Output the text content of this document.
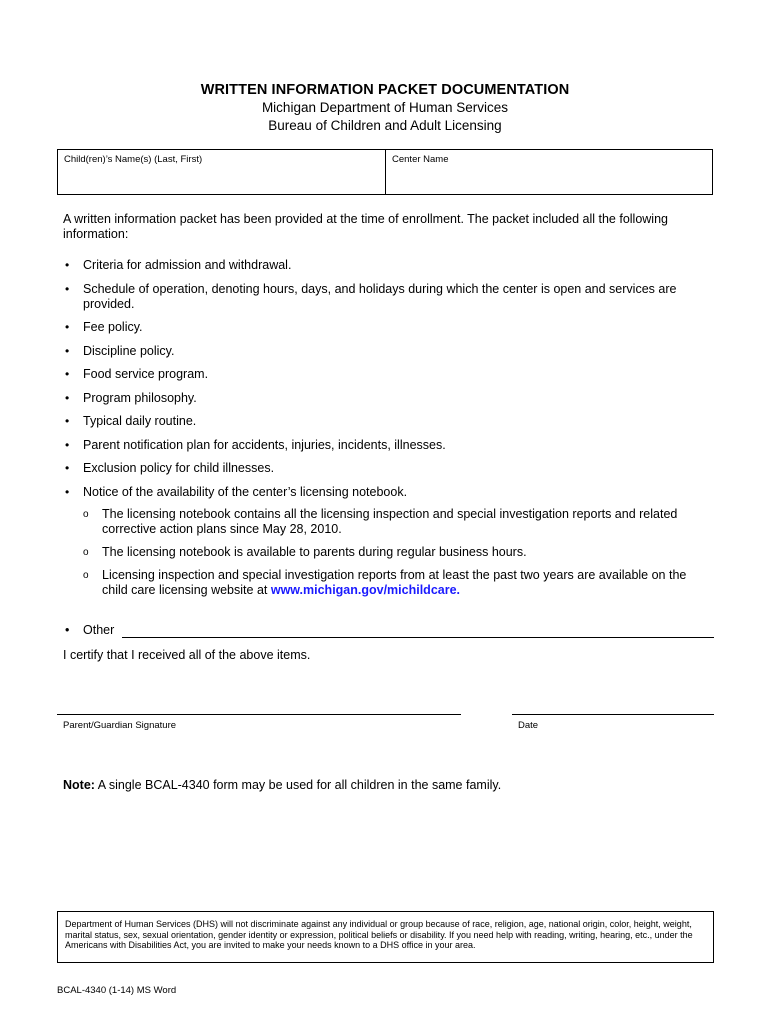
WRITTEN INFORMATION PACKET DOCUMENTATION
Michigan Department of Human Services
Bureau of Children and Adult Licensing
Child(ren)’s Name(s) (Last, First)	Center Name
A written information packet has been provided at the time of enrollment. The packet included all the following information:
• Criteria for admission and withdrawal.
• Schedule of operation, denoting hours, days, and holidays during which the center is open and services are provided.
• Fee policy.
• Discipline policy.
• Food service program.
• Program philosophy.
• Typical daily routine.
• Parent notification plan for accidents, injuries, incidents, illnesses.
• Exclusion policy for child illnesses.
• Notice of the availability of the center’s licensing notebook.
o The licensing notebook contains all the licensing inspection and special investigation reports and related corrective action plans since May 28, 2010.
o The licensing notebook is available to parents during regular business hours.
o Licensing inspection and special investigation reports from at least the past two years are available on the child care licensing website at www.michigan.gov/michildcare.
•	Other
I certify that I received all of the above items.
Parent/Guardian Signature	Date
Note: A single BCAL-4340 form may be used for all children in the same family.
Department of Human Services (DHS) will not discriminate against any individual or group because of race, religion, age, national origin, color, height, weight, marital status, sex, sexual orientation, gender identity or expression, political beliefs or disability. If you need help with reading, writing, hearing, etc., under the Americans with Disabilities Act, you are invited to make your needs known to a DHS office in your area.
BCAL-4340 (1-14) MS Word
